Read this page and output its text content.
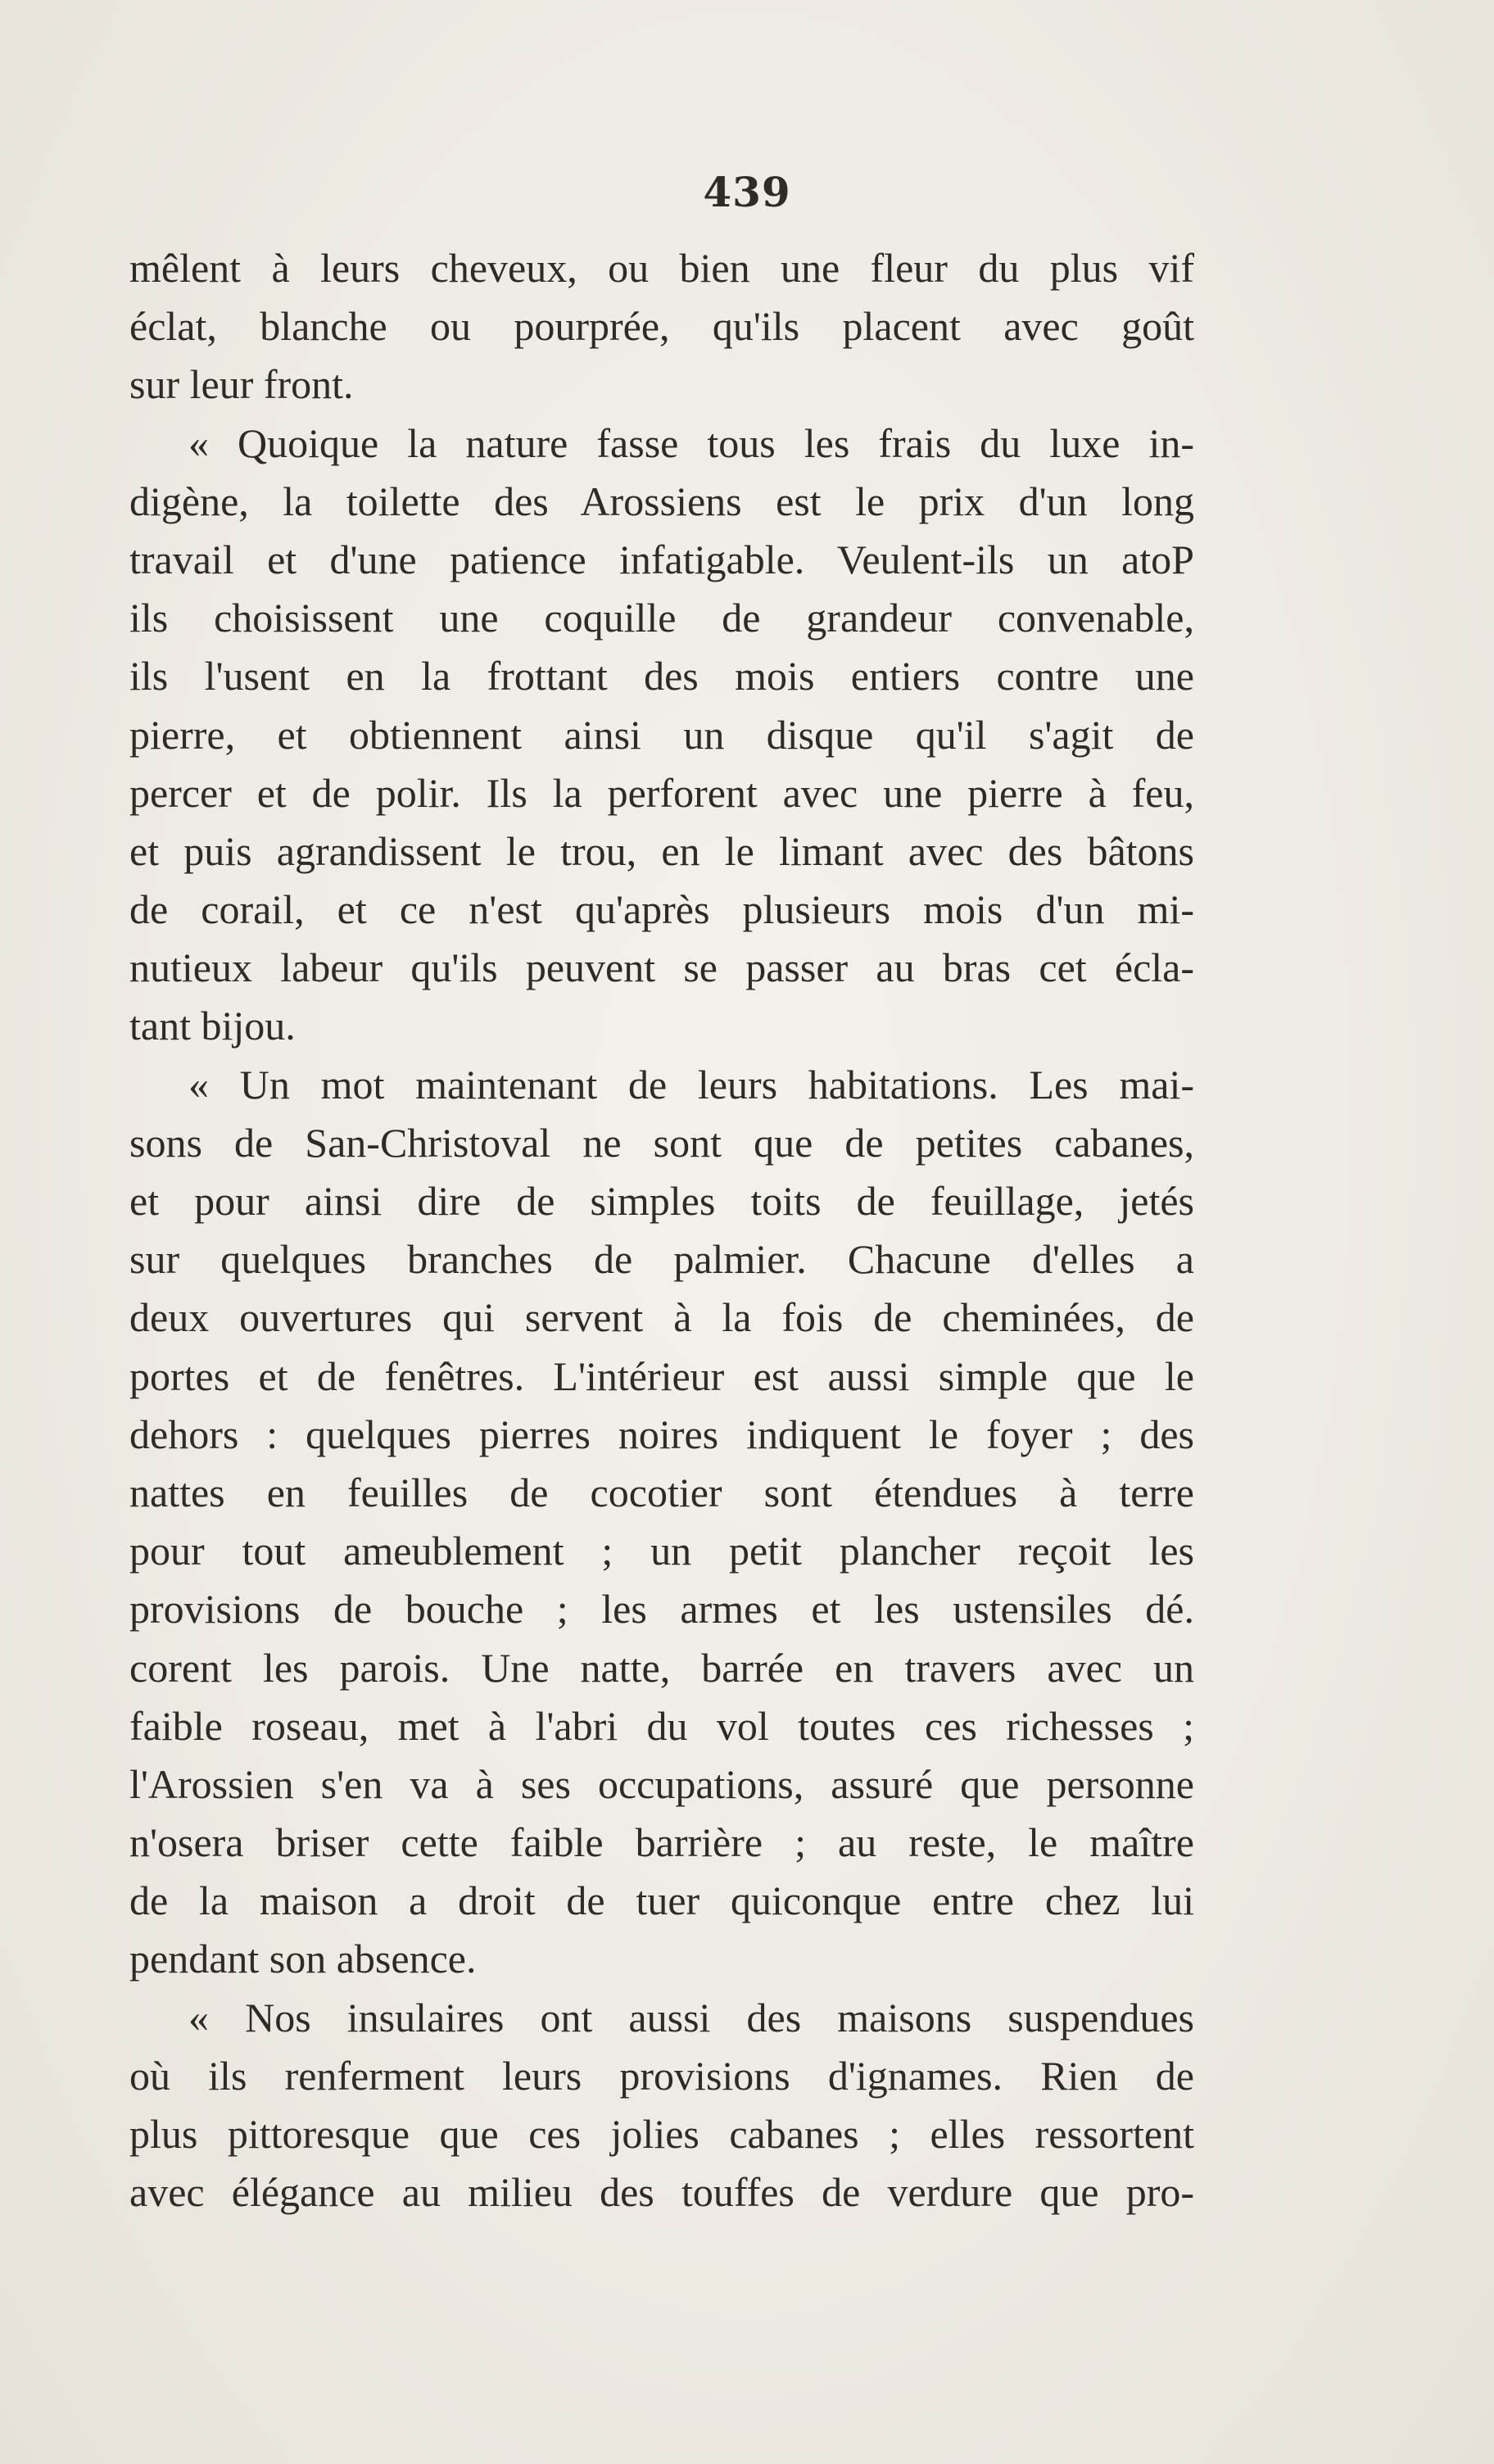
439
mêlent à leurs cheveux, ou bien une fleur du plus vif
éclat, blanche ou pourprée, qu'ils placent avec goût
sur leur front.
« Quoique la nature fasse tous les frais du luxe in-
digène, la toilette des Arossiens est le prix d'un long
travail et d'une patience infatigable. Veulent-ils un atoP
ils choisissent une coquille de grandeur convenable,
ils l'usent en la frottant des mois entiers contre une
pierre, et obtiennent ainsi un disque qu'il s'agit de
percer et de polir. Ils la perforent avec une pierre à feu,
et puis agrandissent le trou, en le limant avec des bâtons
de corail, et ce n'est qu'après plusieurs mois d'un mi-
nutieux labeur qu'ils peuvent se passer au bras cet écla-
tant bijou.
« Un mot maintenant de leurs habitations. Les mai-
sons de San-Christoval ne sont que de petites cabanes,
et pour ainsi dire de simples toits de feuillage, jetés
sur quelques branches de palmier. Chacune d'elles a
deux ouvertures qui servent à la fois de cheminées, de
portes et de fenêtres. L'intérieur est aussi simple que le
dehors : quelques pierres noires indiquent le foyer ; des
nattes en feuilles de cocotier sont étendues à terre
pour tout ameublement ; un petit plancher reçoit les
provisions de bouche ; les armes et les ustensiles dé.
corent les parois. Une natte, barrée en travers avec un
faible roseau, met à l'abri du vol toutes ces richesses ;
l'Arossien s'en va à ses occupations, assuré que personne
n'osera briser cette faible barrière ; au reste, le maître
de la maison a droit de tuer quiconque entre chez lui
pendant son absence.
« Nos insulaires ont aussi des maisons suspendues
où ils renferment leurs provisions d'ignames. Rien de
plus pittoresque que ces jolies cabanes ; elles ressortent
avec élégance au milieu des touffes de verdure que pro-
